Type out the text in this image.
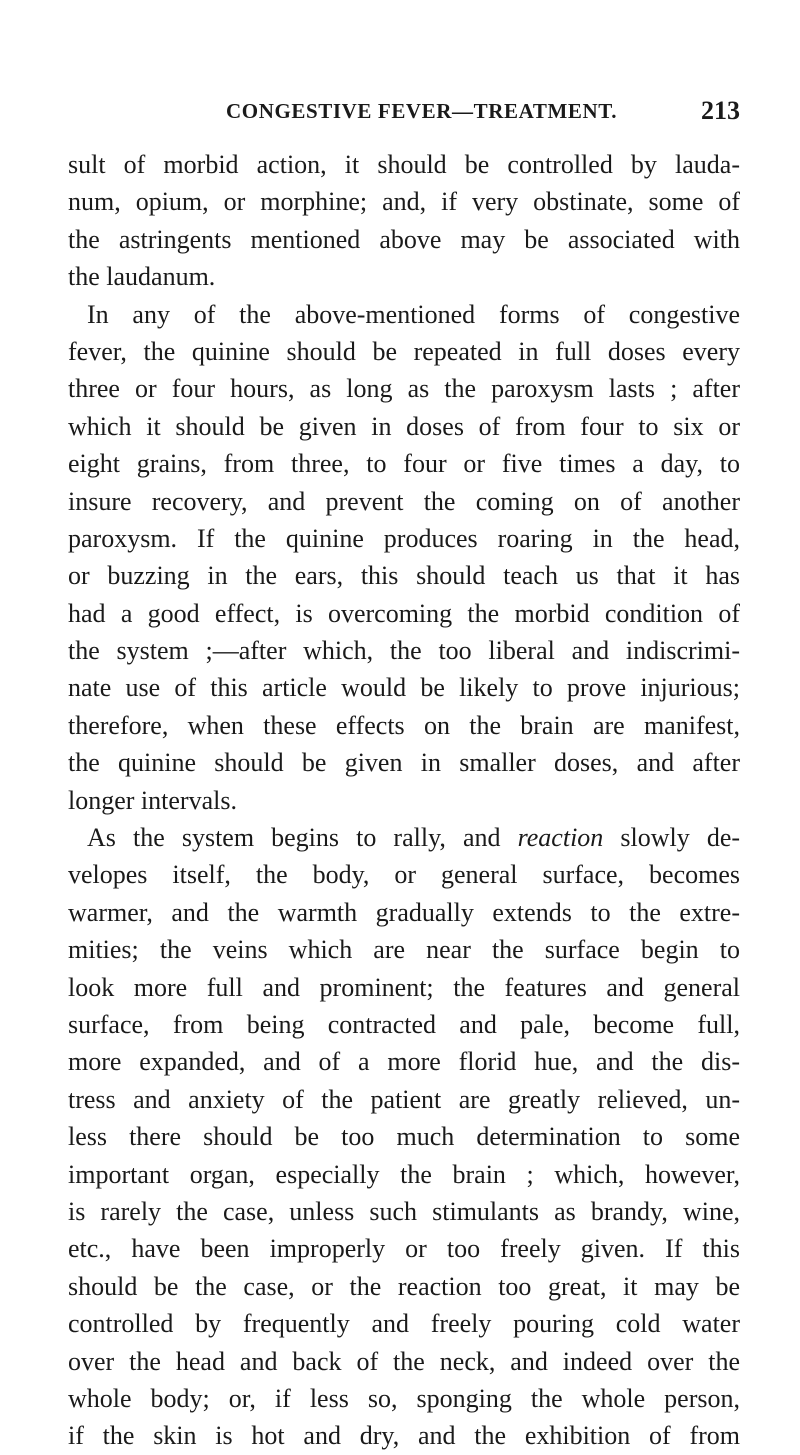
CONGESTIVE FEVER—TREATMENT.	213
sult of morbid action, it should be controlled by lauda-
num, opium, or morphine; and, if very obstinate, some of
the astringents mentioned above may be associated with
the laudanum.
In any of the above-mentioned forms of congestive
fever, the quinine should be repeated in full doses every
three or four hours, as long as the paroxysm lasts ; after
which it should be given in doses of from four to six or
eight grains, from three, to four or five times a day, to
insure recovery, and prevent the coming on of another
paroxysm. If the quinine produces roaring in the head,
or buzzing in the ears, this should teach us that it has
had a good effect, is overcoming the morbid condition of
the system ;—after which, the too liberal and indiscrimi-
nate use of this article would be likely to prove injurious;
therefore, when these effects on the brain are manifest,
the quinine should be given in smaller doses, and after
longer intervals.
As the system begins to rally, and reaction slowly de-
velopes itself, the body, or general surface, becomes
warmer, and the warmth gradually extends to the extre-
mities; the veins which are near the surface begin to
look more full and prominent; the features and general
surface, from being contracted and pale, become full,
more expanded, and of a more florid hue, and the dis-
tress and anxiety of the patient are greatly relieved, un-
less there should be too much determination to some
important organ, especially the brain ; which, however,
is rarely the case, unless such stimulants as brandy, wine,
etc., have been improperly or too freely given. If this
should be the case, or the reaction too great, it may be
controlled by frequently and freely pouring cold water
over the head and back of the neck, and indeed over the
whole body; or, if less so, sponging the whole person,
if the skin is hot and dry, and the exhibition of from
